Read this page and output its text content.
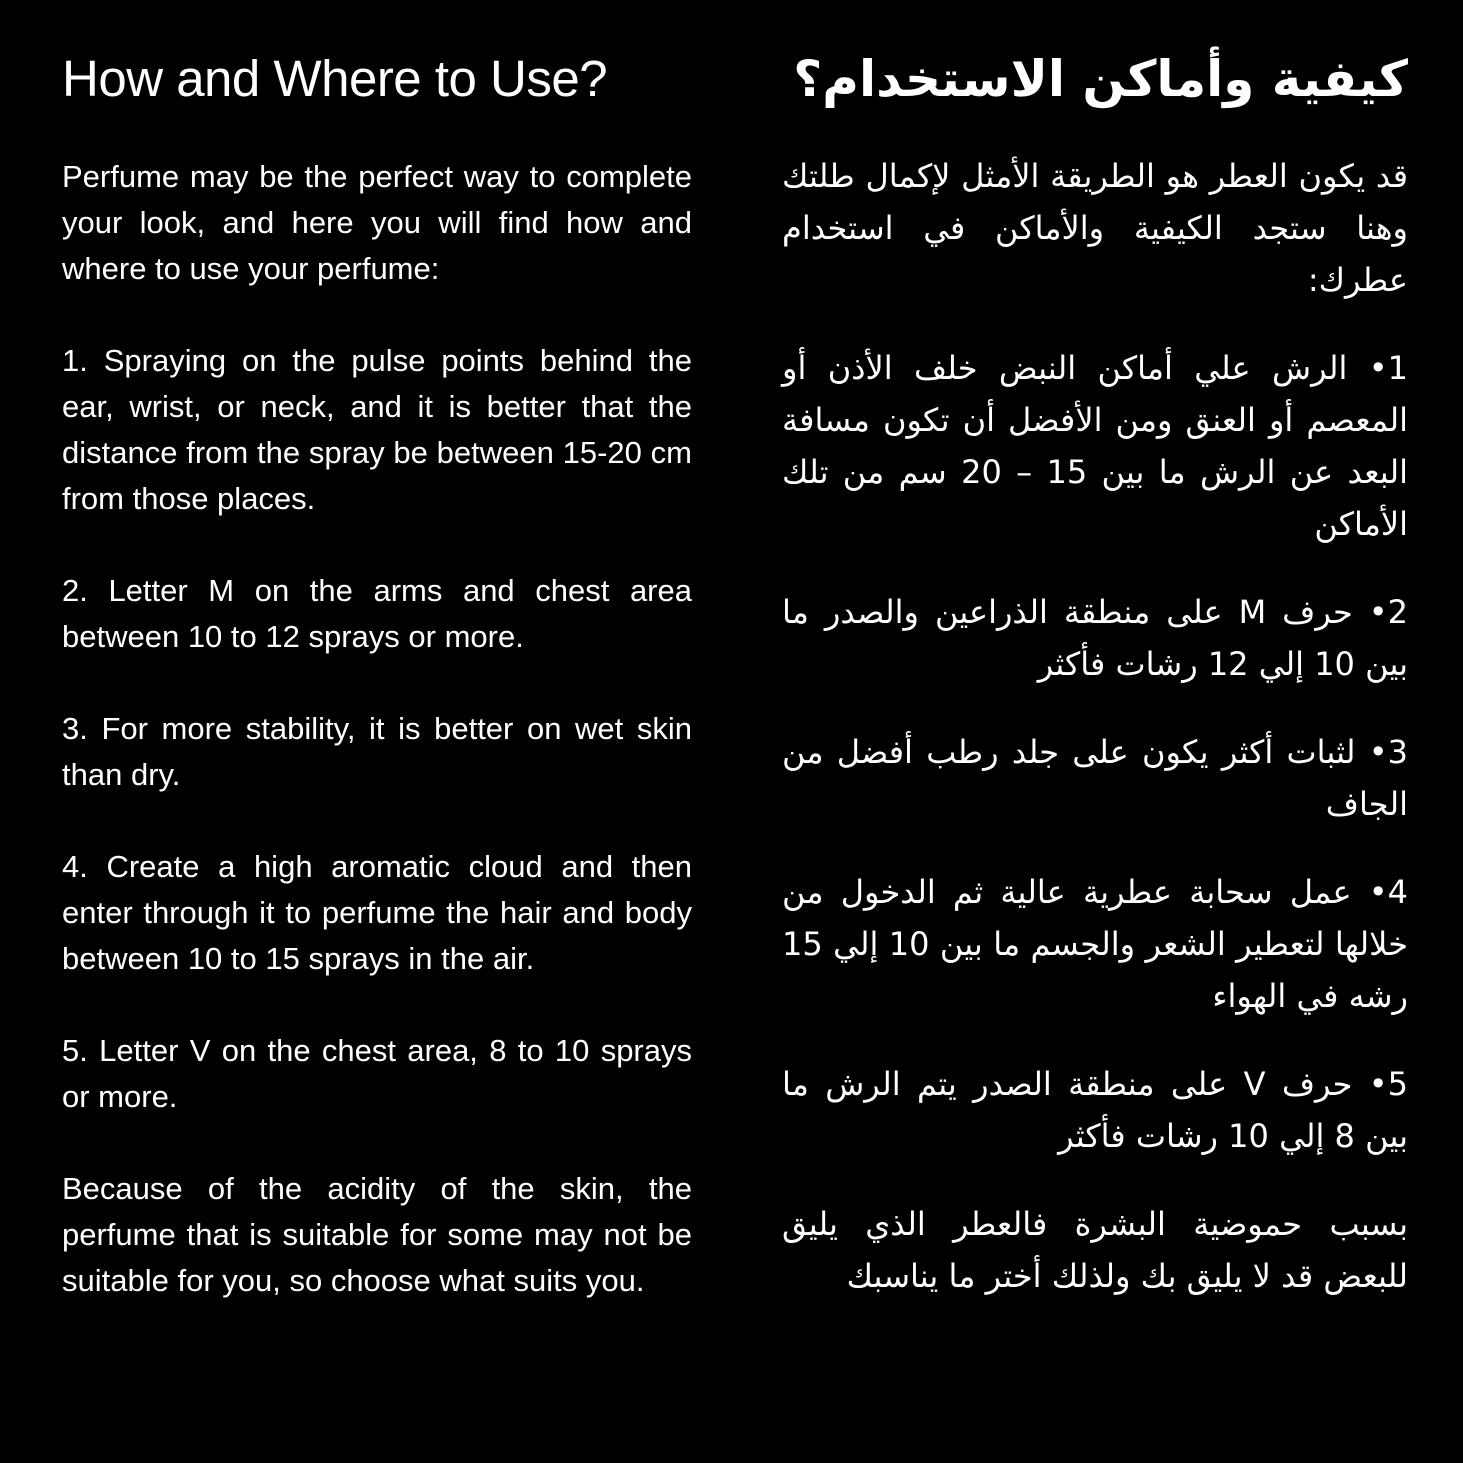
How and Where to Use?

Perfume may be the perfect way to complete your look, and here you will find how and where to use your perfume:

1. Spraying on the pulse points behind the ear, wrist, or neck, and it is better that the distance from the spray be between 15-20 cm from those places.

2. Letter M on the arms and chest area between 10 to 12 sprays or more.

3. For more stability, it is better on wet skin than dry.

4. Create a high aromatic cloud and then enter through it to perfume the hair and body between 10 to 15 sprays in the air.

5. Letter V on the chest area, 8 to 10 sprays or more.

Because of the acidity of the skin, the perfume that is suitable for some may not be suitable for you, so choose what suits you.

كيفية وأماكن الاستخدام؟

قد يكون العطر هو الطريقة الأمثل لإكمال طلتك وهنا ستجد الكيفية والأماكن في استخدام عطرك:

1• الرش علي أماكن النبض خلف الأذن أو المعصم أو العنق ومن الأفضل أن تكون مسافة البعد عن الرش ما بين 15 – 20 سم من تلك الأماكن

2• حرف M على منطقة الذراعين والصدر ما بين 10 إلي 12 رشات فأكثر

3• لثبات أكثر يكون على جلد رطب أفضل من الجاف

4• عمل سحابة عطرية عالية ثم الدخول من خلالها لتعطير الشعر والجسم ما بين 10 إلي 15 رشه في الهواء

5• حرف V على منطقة الصدر يتم الرش ما بين 8 إلي 10 رشات فأكثر

بسبب حموضية البشرة فالعطر الذي يليق للبعض قد لا يليق بك ولذلك أختر ما يناسبك
